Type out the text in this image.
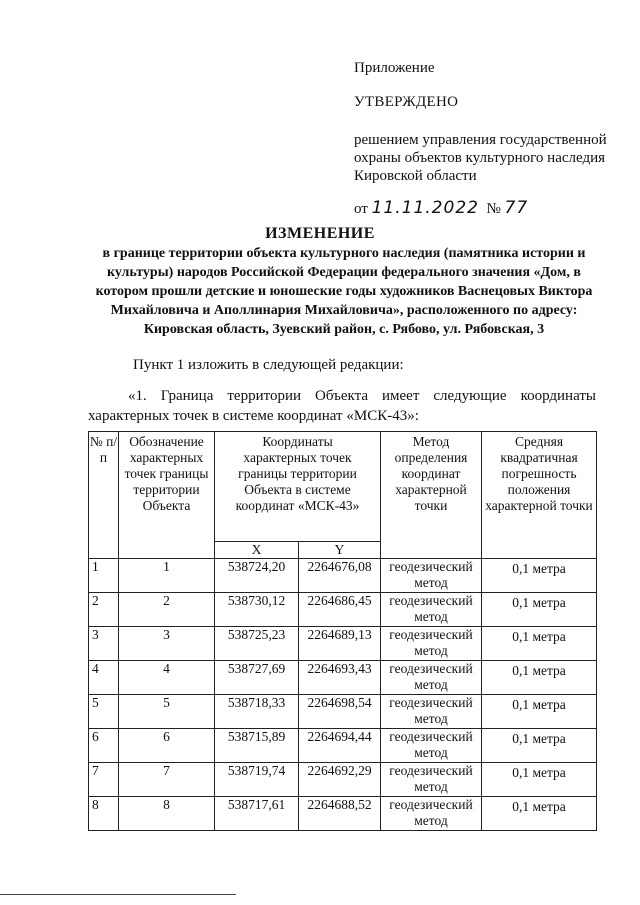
Приложение
УТВЕРЖДЕНО
решением управления государственной охраны объектов культурного наследия Кировской области
от 11.11.2022 № 77
ИЗМЕНЕНИЕ
в границе территории объекта культурного наследия (памятника истории и культуры) народов Российской Федерации федерального значения «Дом, в котором прошли детские и юношеские годы художников Васнецовых Виктора Михайловича и Аполлинария Михайловича», расположенного по адресу: Кировская область, Зуевский район, с. Рябово, ул. Рябовская, 3
Пункт 1 изложить в следующей редакции:
«1. Граница территории Объекта имеет следующие координаты
характерных точек в системе координат «МСК-43»:
№ п/п	Обозначение характерных точек границы территории Объекта	Координаты характерных точек границы территории Объекта в системе координат «МСК-43»		Метод определения координат характерной точки	Средняя квадратичная погрешность положения характерной точки
		X	Y		
1	1	538724,20	2264676,08	геодезический метод	0,1 метра
2	2	538730,12	2264686,45	геодезический метод	0,1 метра
3	3	538725,23	2264689,13	геодезический метод	0,1 метра
4	4	538727,69	2264693,43	геодезический метод	0,1 метра
5	5	538718,33	2264698,54	геодезический метод	0,1 метра
6	6	538715,89	2264694,44	геодезический метод	0,1 метра
7	7	538719,74	2264692,29	геодезический метод	0,1 метра
8	8	538717,61	2264688,52	геодезический метод	0,1 метра
